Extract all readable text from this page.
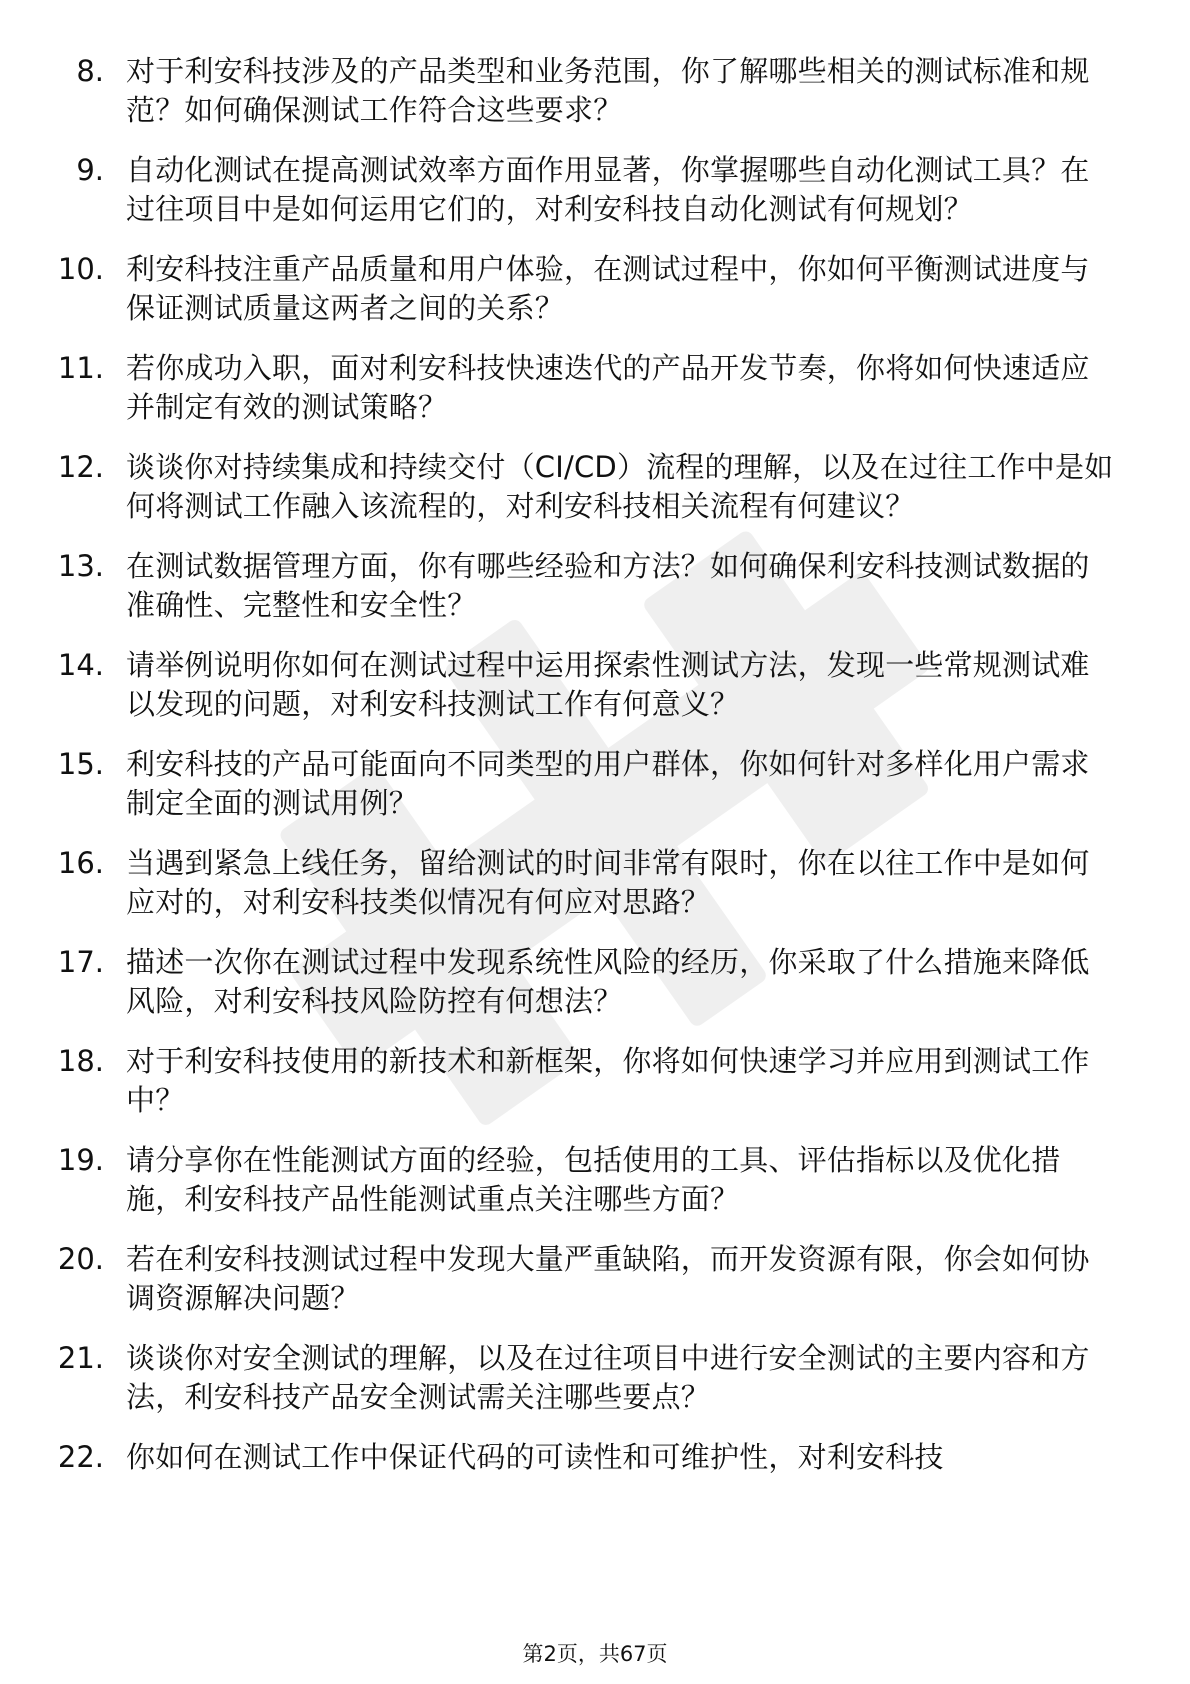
8. 对于利安科技涉及的产品类型和业务范围，你了解哪些相关的测试标准和规范？如何确保测试工作符合这些要求？
9. 自动化测试在提高测试效率方面作用显著，你掌握哪些自动化测试工具？在过往项目中是如何运用它们的，对利安科技自动化测试有何规划？
10. 利安科技注重产品质量和用户体验，在测试过程中，你如何平衡测试进度与保证测试质量这两者之间的关系？
11. 若你成功入职，面对利安科技快速迭代的产品开发节奏，你将如何快速适应并制定有效的测试策略？
12. 谈谈你对持续集成和持续交付（CI/CD）流程的理解，以及在过往工作中是如何将测试工作融入该流程的，对利安科技相关流程有何建议？
13. 在测试数据管理方面，你有哪些经验和方法？如何确保利安科技测试数据的准确性、完整性和安全性？
14. 请举例说明你如何在测试过程中运用探索性测试方法，发现一些常规测试难以发现的问题，对利安科技测试工作有何意义？
15. 利安科技的产品可能面向不同类型的用户群体，你如何针对多样化用户需求制定全面的测试用例？
16. 当遇到紧急上线任务，留给测试的时间非常有限时，你在以往工作中是如何应对的，对利安科技类似情况有何应对思路？
17. 描述一次你在测试过程中发现系统性风险的经历，你采取了什么措施来降低风险，对利安科技风险防控有何想法？
18. 对于利安科技使用的新技术和新框架，你将如何快速学习并应用到测试工作中？
19. 请分享你在性能测试方面的经验，包括使用的工具、评估指标以及优化措施，利安科技产品性能测试重点关注哪些方面？
20. 若在利安科技测试过程中发现大量严重缺陷，而开发资源有限，你会如何协调资源解决问题？
21. 谈谈你对安全测试的理解，以及在过往项目中进行安全测试的主要内容和方法，利安科技产品安全测试需关注哪些要点？
22. 你如何在测试工作中保证代码的可读性和可维护性，对利安科技
第2页，共67页
